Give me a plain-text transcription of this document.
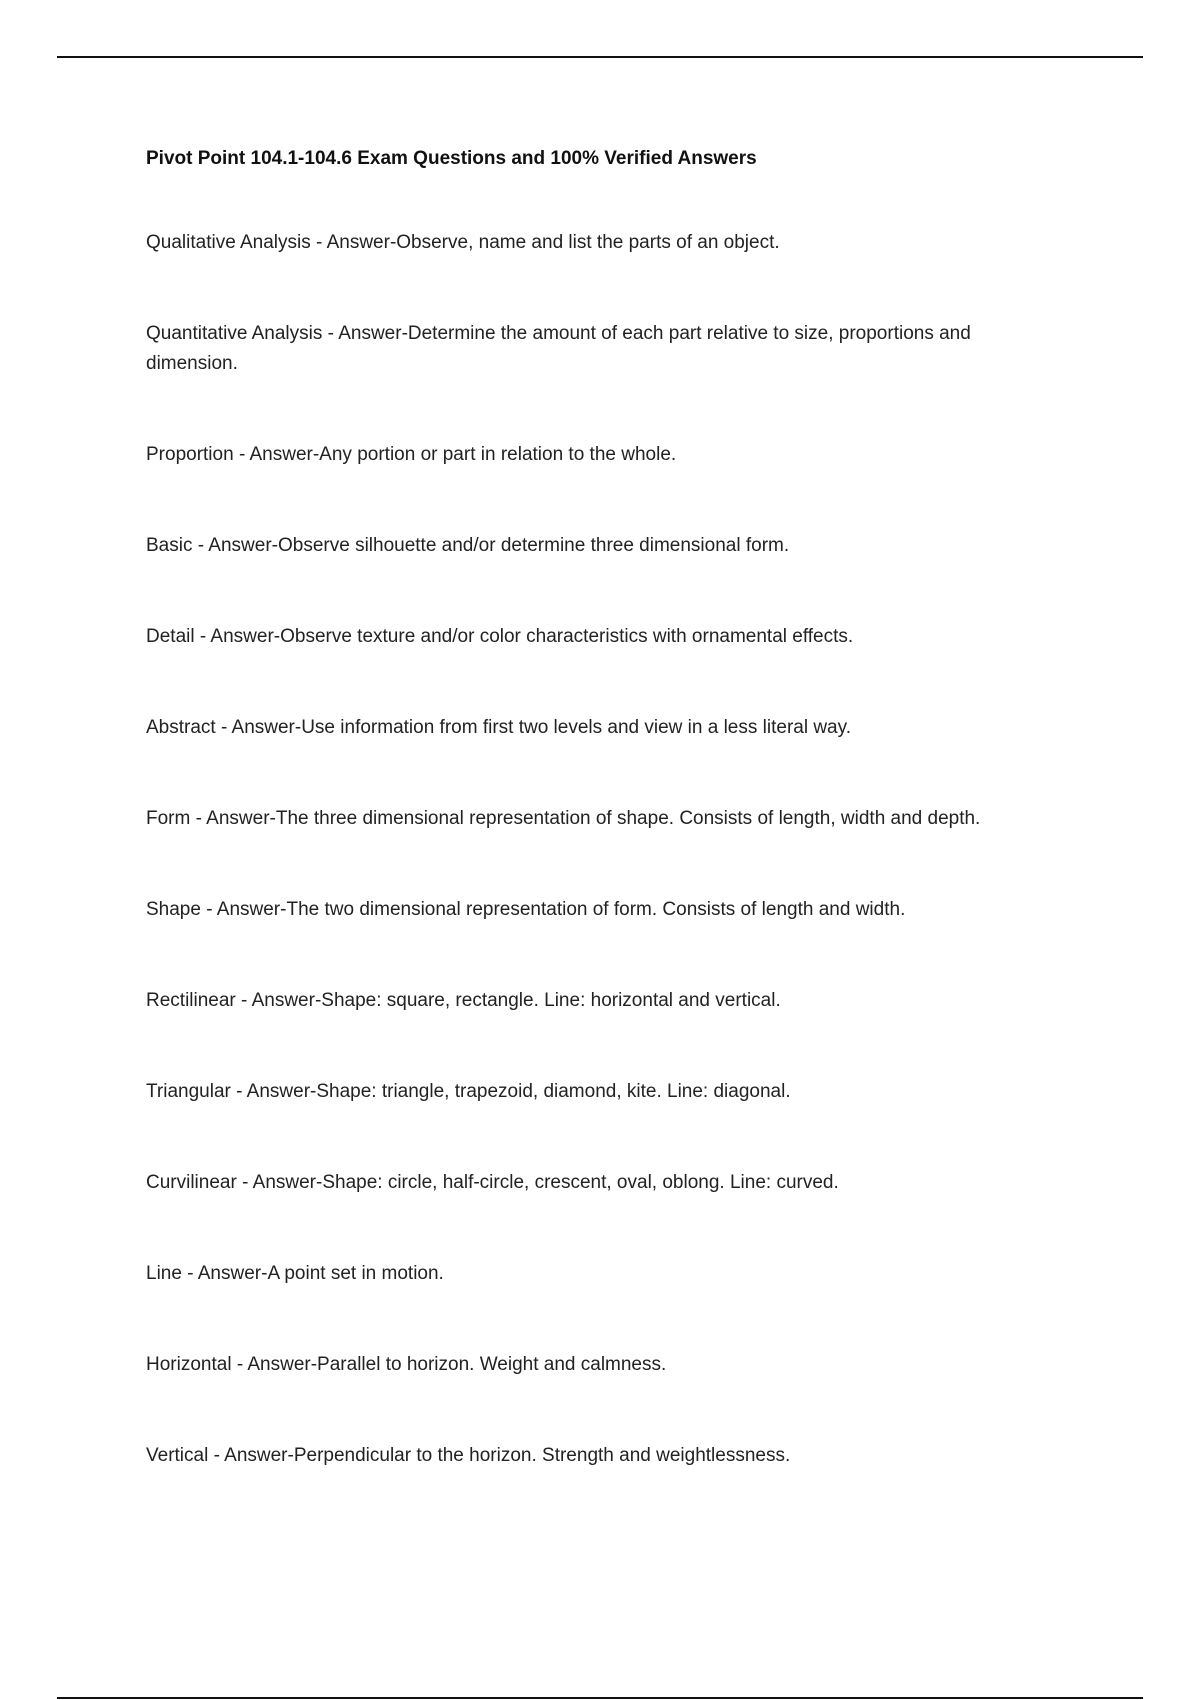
Pivot Point 104.1-104.6 Exam Questions and 100% Verified Answers
Qualitative Analysis - Answer-Observe, name and list the parts of an object.
Quantitative Analysis - Answer-Determine the amount of each part relative to size, proportions and dimension.
Proportion - Answer-Any portion or part in relation to the whole.
Basic - Answer-Observe silhouette and/or determine three dimensional form.
Detail - Answer-Observe texture and/or color characteristics with ornamental effects.
Abstract - Answer-Use information from first two levels and view in a less literal way.
Form - Answer-The three dimensional representation of shape. Consists of length, width and depth.
Shape - Answer-The two dimensional representation of form. Consists of length and width.
Rectilinear - Answer-Shape: square, rectangle. Line: horizontal and vertical.
Triangular - Answer-Shape: triangle, trapezoid, diamond, kite. Line: diagonal.
Curvilinear - Answer-Shape: circle, half-circle, crescent, oval, oblong. Line: curved.
Line - Answer-A point set in motion.
Horizontal - Answer-Parallel to horizon. Weight and calmness.
Vertical - Answer-Perpendicular to the horizon. Strength and weightlessness.
